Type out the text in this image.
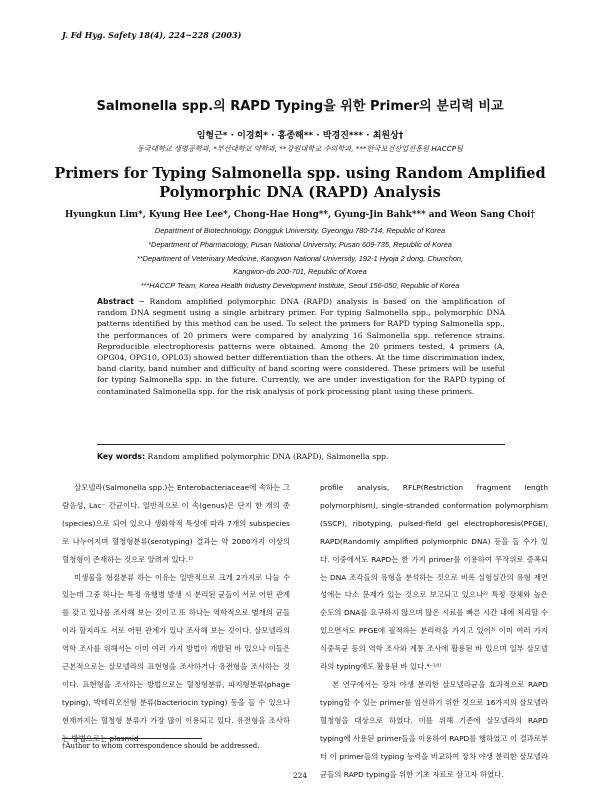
J. Fd Hyg. Safety 18(4), 224~228 (2003)
Salmonella spp.의 RAPD Typing을 위한 Primer의 분리력 비교
임형근* · 이경희* · 홍종해** · 박경진*** · 최원상†
동국대학교 생명공학과, *부산대학교 약학과, **강원대학교 수의학과, ***한국보건산업진흥원 HACCP팀
Primers for Typing Salmonella spp. using Random Amplified
Polymorphic DNA (RAPD) Analysis
Hyungkun Lim*, Kyung Hee Lee*, Chong-Hae Hong**, Gyung-Jin Bahk*** and Weon Sang Choi†
Department of Biotechnology, Dongguk University, Gyeongju 780-714, Republic of Korea
*Department of Pharmacology, Pusan National University, Pusan 609-735, Republic of Korea
**Department of Veterinary Medicine, Kangwon National University, 192-1 Hyoja 2 dong, Chunchon,
Kangwon-do 200-701, Republic of Korea
***HACCP Team, Korea Health Industry Development Institute, Seoul 156-050, Republic of Korea
Abstract − Random amplified polymorphic DNA (RAPD) analysis is based on the amplification of random DNA segment using a single arbitrary primer. For typing Salmonella spp., polymorphic DNA patterns identified by this method can be used. To select the primers for RAPD typing Salmonella spp., the performances of 20 primers were compared by analyzing 16 Salmonella spp. reference strains. Reproducible electrophoresis patterns were obtained. Among the 20 primers tested, 4 primers (A, OPG04, OPG10, OPL03) showed better differentiation than the others. At the time discrimination index, band clarity, band number and difficulty of band scoring were considered. These primers will be useful for typing Salmonella spp. in the future. Currently, we are under investigation for the RAPD typing of contaminated Salmonella spp. for the risk analysis of pork processing plant using these primers.
Key words: Random amplified polymorphic DNA (RAPD), Salmonella spp.

살모넬라(Salmonella spp.)는 Enterobacteriaceae에 속하는 그람음성, Lac⁻ 간균이다. 일반적으로 이 속(genus)은 단지 한 개의 종(species)으로 되어 있으나 생화학적 특성에 따라 7개의 subspecies로 나누어지며 혈청형분류(serotyping) 결과는 약 2000가지 이상의 혈청형이 존재하는 것으로 알려져 있다.¹⁾

미생물을 형질분류 하는 이유는 일반적으로 크게 2가지로 나눌 수 있는데 그중 하나는 특정 유행병 발생 시 분리된 균들이 서로 어떤 관계를 갖고 있나를 조사해 보는 것이고 또 하나는 역학적으로 별개의 균들이라 할지라도 서로 어떤 관계가 있나 조사해 보는 것이다. 살모넬라의 역학 조사를 위해서는 이미 여러 가지 방법이 개발된 바 있으나 이들은 근본적으로는 살모넬라의 표현형을 조사하거나 유전형을 조사하는 것이다. 표현형을 조사하는 방법으로는 혈청형분류, 파지형분류(phage typing), 박테리오신형 분류(bacteriocin typing) 등을 들 수 있으나 현재까지는 혈청형 분류가 가장 많이 이용되고 있다. 유전형을 조사하는 방법으로는 plasmid

profile analysis, RFLP(Restriction fragment length polymorphism), single-stranded conformation polymorphism (SSCP), ribotyping, pulsed-field gel electrophoresis(PFGE), RAPD(Randomly amplified polymorphic DNA) 등을 들 수가 있다. 이중에서도 RAPD는 한 가지 primer를 이용하여 무작위로 증폭되는 DNA 조각들의 유형을 분석하는 것으로 비록 실험실간의 유형 재연성에는 다소 문제가 있는 것으로 보고되고 있으나²⁾ 특정 장체와 높은 순도의 DNA를 요구하지 않으며 많은 시료를 빠른 시간 내에 처리할 수 있으면서도 PFGE에 필적하는 분리력을 가지고 있어³⁾ 이미 여러 가지 식중독균 등의 역학 조사와 계통 조사에 활용된 바 있으며 일부 살모넬라의 typing에도 활용된 바 있다.⁴⁻¹⁰⁾

본 연구에서는 장차 야생 분리한 살모넬라균을 효과적으로 RAPD typing할 수 있는 primer를 엄선하기 위한 것으로 16가지의 살모넬라 혈청형을 대상으로 하였다. 이를 위해 기존에 살모넬라의 RAPD typing에 사용된 primer들을 이용하여 RAPD를 행하였고 이 결과로부터 이 primer들의 typing 능력을 비교하여 장차 야생 분리한 살모넬라균들의 RAPD typing을 위한 기초 자료로 삼고자 하였다.

†Author to whom correspondence should be addressed.
224
